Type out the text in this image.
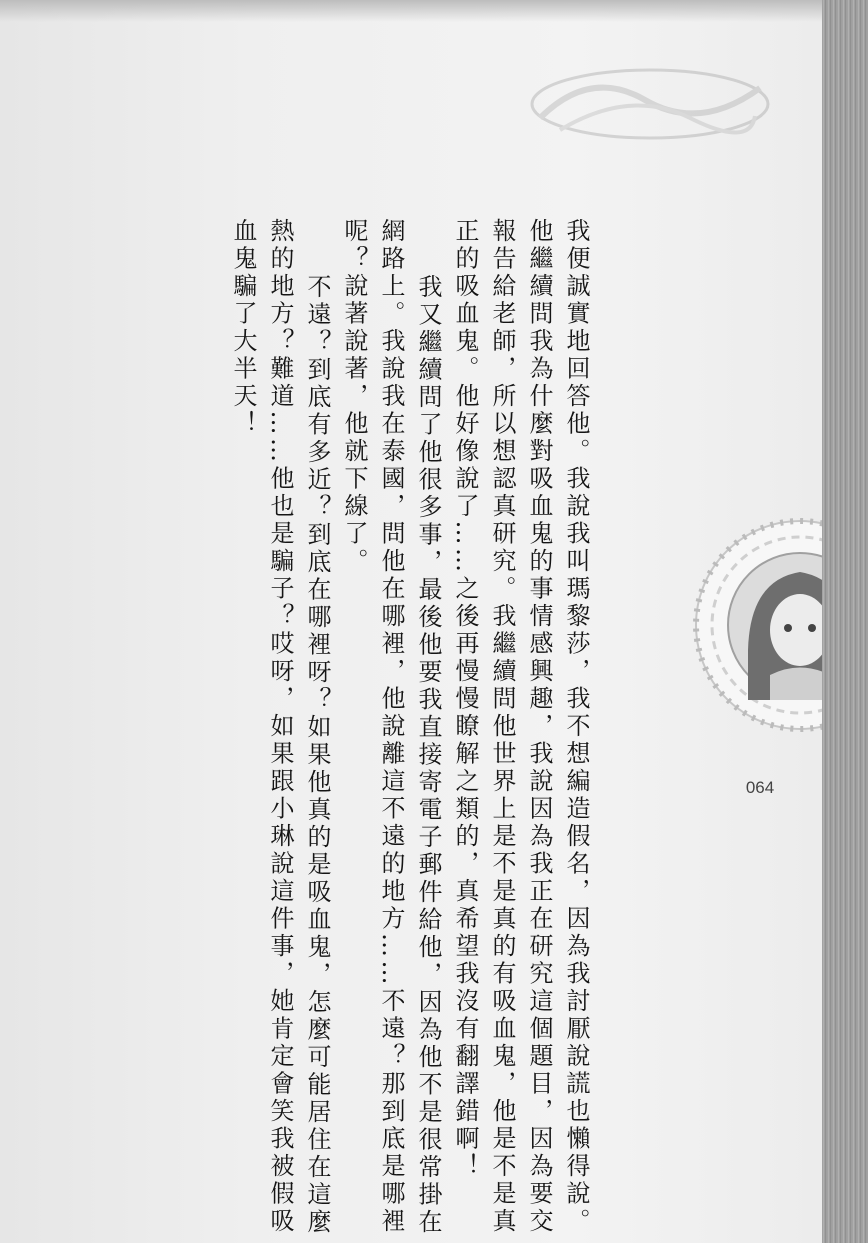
我便誠實地回答他。我說我叫瑪黎莎，我不想編造假名，因為我討厭說謊也懶得說。

他繼續問我為什麼對吸血鬼的事情感興趣，我說因為我正在研究這個題目，因為要交

報告給老師，所以想認真研究。我繼續問他世界上是不是真的有吸血鬼，他是不是真

正的吸血鬼。他好像說了……之後再慢慢瞭解之類的，真希望我沒有翻譯錯啊！

我又繼續問了他很多事，最後他要我直接寄電子郵件給他，因為他不是很常掛在

網路上。我說我在泰國，問他在哪裡，他說離這不遠的地方……不遠？那到底是哪裡

呢？說著說著，他就下線了。

不遠？到底有多近？到底在哪裡呀？如果他真的是吸血鬼，怎麼可能居住在這麼

熱的地方？難道……他也是騙子？哎呀，如果跟小琳說這件事，她肯定會笑我被假吸

血鬼騙了大半天！

064
